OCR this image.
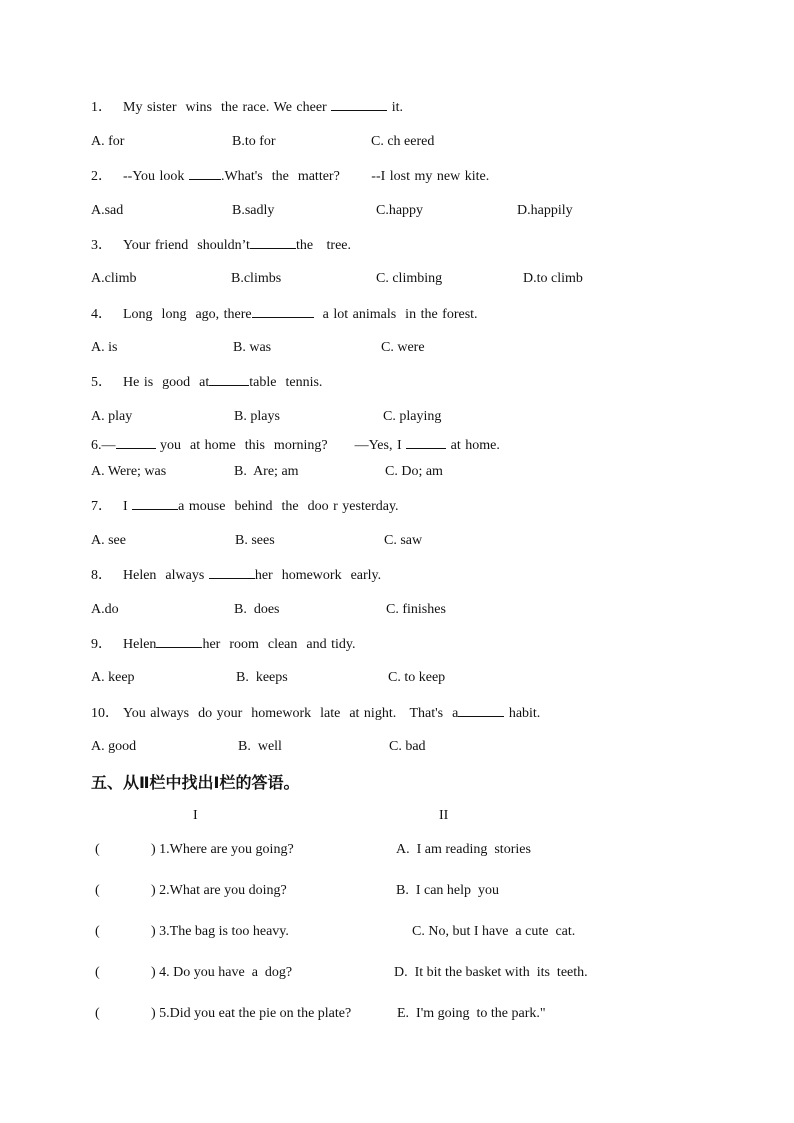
1． My sister  wins  the race. We cheer	it.
A. for	B.to for	C. ch eered
2． --You look .What's  the  matter?       --I lost my new kite.
A.sad	B.sadly	C.happy	D.happily
3． Your friend  shouldn’t	the   tree.
A.climb	B.climbs	C. climbing	D.to climb
4． Long  long  ago, there	a lot animals  in the forest.
A. is	B. was	C. were
5． He is  good  at	table  tennis.
A. play	B. plays	C. playing
6.—	you  at home  this  morning?      —Yes, I	at home.
A. Were; was	B.  Are; am	C. Do; am
7． I	a mouse  behind  the  doo r yesterday.
A. see	B. sees	C. saw
8． Helen  always	her  homework  early.
A.do	B.  does	C. finishes
9． Helen	her  room  clean  and tidy.
A. keep	B.  keeps	C. to keep
10． You always  do your  homework  late  at night.   That's  a	habit.
A. good	B.  well	C. bad
五、从Ⅱ栏中找出Ⅰ栏的答语。
I	II
(	) 1.Where are you going?	A.  I am reading  stories
(	) 2.What are you doing?	B.  I can help  you
(	) 3.The bag is too heavy.	C. No, but I have  a cute  cat.
(	) 4. Do you have  a  dog?	D.  It bit the basket with  its  teeth.
(	) 5.Did you eat the pie on the plate?	E.  I'm going  to the park."
